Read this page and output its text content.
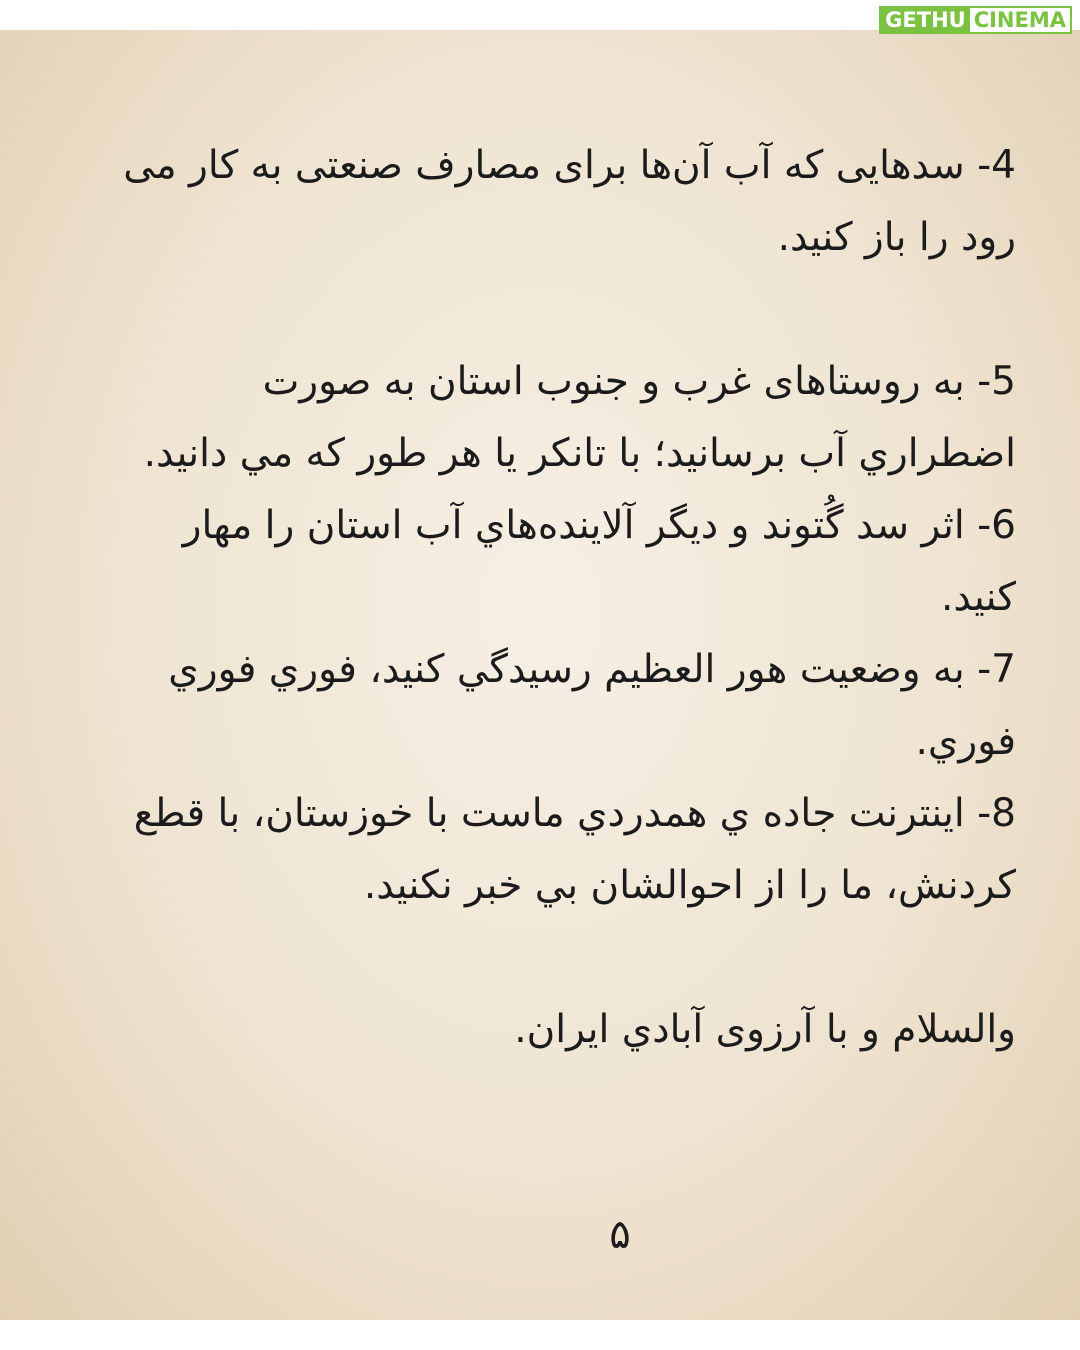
4- سدهایی که آب آن‌ها برای مصارف صنعتی به کار می رود را باز کنید.

5- به روستاهای غرب و جنوب استان به صورت اضطراري آب برسانيد؛ با تانكر يا هر طور كه مي دانيد.

6- اثر سد گُتوند و ديگر آلاينده‌هاي آب استان را مهار كنيد.

7- به وضعيت هور العظيم رسيدگي كنيد، فوري فوري فوري.

8- اينترنت جاده ي همدردي ماست با خوزستان، با قطع كردنش، ما را از احوالشان بي خبر نكنيد.

والسلام و با آرزوی آبادي ايران.

۵
GETHU CINEMA
